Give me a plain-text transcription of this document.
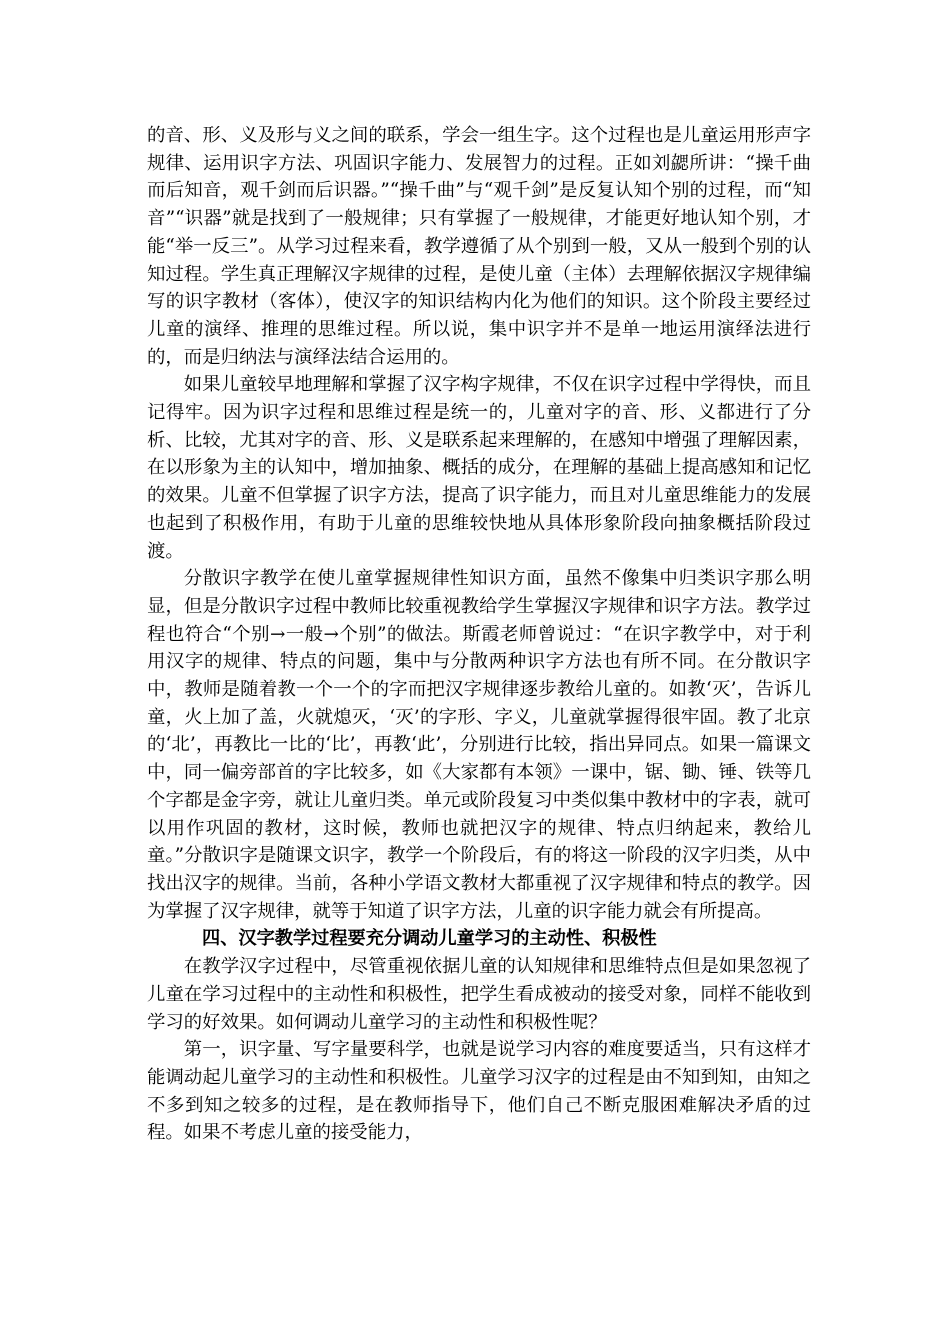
的音、形、义及形与义之间的联系，学会一组生字。这个过程也是儿童运用形声字规律、运用识字方法、巩固识字能力、发展智力的过程。正如刘勰所讲：“操千曲而后知音，观千剑而后识器。”“操千曲”与“观千剑”是反复认知个别的过程，而“知音”“识器”就是找到了一般规律；只有掌握了一般规律，才能更好地认知个别，才能“举一反三”。从学习过程来看，教学遵循了从个别到一般，又从一般到个别的认知过程。学生真正理解汉字规律的过程，是使儿童（主体）去理解依据汉字规律编写的识字教材（客体），使汉字的知识结构内化为他们的知识。这个阶段主要经过儿童的演绎、推理的思维过程。所以说，集中识字并不是单一地运用演绎法进行的，而是归纳法与演绎法结合运用的。

如果儿童较早地理解和掌握了汉字构字规律，不仅在识字过程中学得快，而且记得牢。因为识字过程和思维过程是统一的，儿童对字的音、形、义都进行了分析、比较，尤其对字的音、形、义是联系起来理解的，在感知中增强了理解因素，在以形象为主的认知中，增加抽象、概括的成分，在理解的基础上提高感知和记忆的效果。儿童不但掌握了识字方法，提高了识字能力，而且对儿童思维能力的发展也起到了积极作用，有助于儿童的思维较快地从具体形象阶段向抽象概括阶段过渡。

分散识字教学在使儿童掌握规律性知识方面，虽然不像集中归类识字那么明显，但是分散识字过程中教师比较重视教给学生掌握汉字规律和识字方法。教学过程也符合“个别→一般→个别”的做法。斯霞老师曾说过：“在识字教学中，对于利用汉字的规律、特点的问题，集中与分散两种识字方法也有所不同。在分散识字中，教师是随着教一个一个的字而把汉字规律逐步教给儿童的。如教‘灭’，告诉儿童，火上加了盖，火就熄灭，‘灭’的字形、字义，儿童就掌握得很牢固。教了北京的‘北’，再教比一比的‘比’，再教‘此’，分别进行比较，指出异同点。如果一篇课文中，同一偏旁部首的字比较多，如《大家都有本领》一课中，锯、锄、锤、铁等几个字都是金字旁，就让儿童归类。单元或阶段复习中类似集中教材中的字表，就可以用作巩固的教材，这时候，教师也就把汉字的规律、特点归纳起来，教给儿童。”分散识字是随课文识字，教学一个阶段后，有的将这一阶段的汉字归类，从中找出汉字的规律。当前，各种小学语文教材大都重视了汉字规律和特点的教学。因为掌握了汉字规律，就等于知道了识字方法，儿童的识字能力就会有所提高。

四、汉字教学过程要充分调动儿童学习的主动性、积极性

在教学汉字过程中，尽管重视依据儿童的认知规律和思维特点但是如果忽视了儿童在学习过程中的主动性和积极性，把学生看成被动的接受对象，同样不能收到学习的好效果。如何调动儿童学习的主动性和积极性呢？

第一，识字量、写字量要科学，也就是说学习内容的难度要适当，只有这样才能调动起儿童学习的主动性和积极性。儿童学习汉字的过程是由不知到知，由知之不多到知之较多的过程，是在教师指导下，他们自己不断克服困难解决矛盾的过程。如果不考虑儿童的接受能力，
